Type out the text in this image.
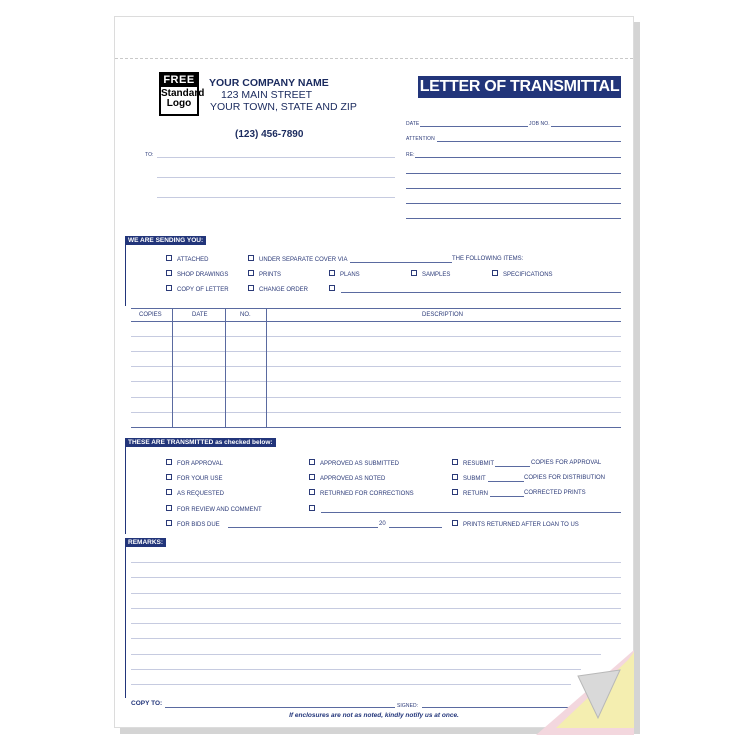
FREE
Standard
Logo
YOUR COMPANY NAME
123 MAIN STREET
YOUR TOWN, STATE AND ZIP
(123) 456-7890
LETTER OF TRANSMITTAL
TO:
DATE	JOB NO.
ATTENTION
RE:
WE ARE SENDING YOU:
ATTACHED	UNDER SEPARATE COVER VIA	THE FOLLOWING ITEMS:
SHOP DRAWINGS	PRINTS	PLANS	SAMPLES	SPECIFICATIONS
COPY OF LETTER	CHANGE ORDER
COPIES	DATE	NO.	DESCRIPTION
THESE ARE TRANSMITTED as checked below:
FOR APPROVAL
FOR YOUR USE
AS REQUESTED
FOR REVIEW AND COMMENT
FOR BIDS DUE	20
APPROVED AS SUBMITTED
APPROVED AS NOTED
RETURNED FOR CORRECTIONS
RESUBMIT	COPIES FOR APPROVAL
SUBMIT	COPIES FOR DISTRIBUTION
RETURN	CORRECTED PRINTS
PRINTS RETURNED AFTER LOAN TO US
REMARKS:
COPY TO:	SIGNED:
If enclosures are not as noted, kindly notify us at once.
